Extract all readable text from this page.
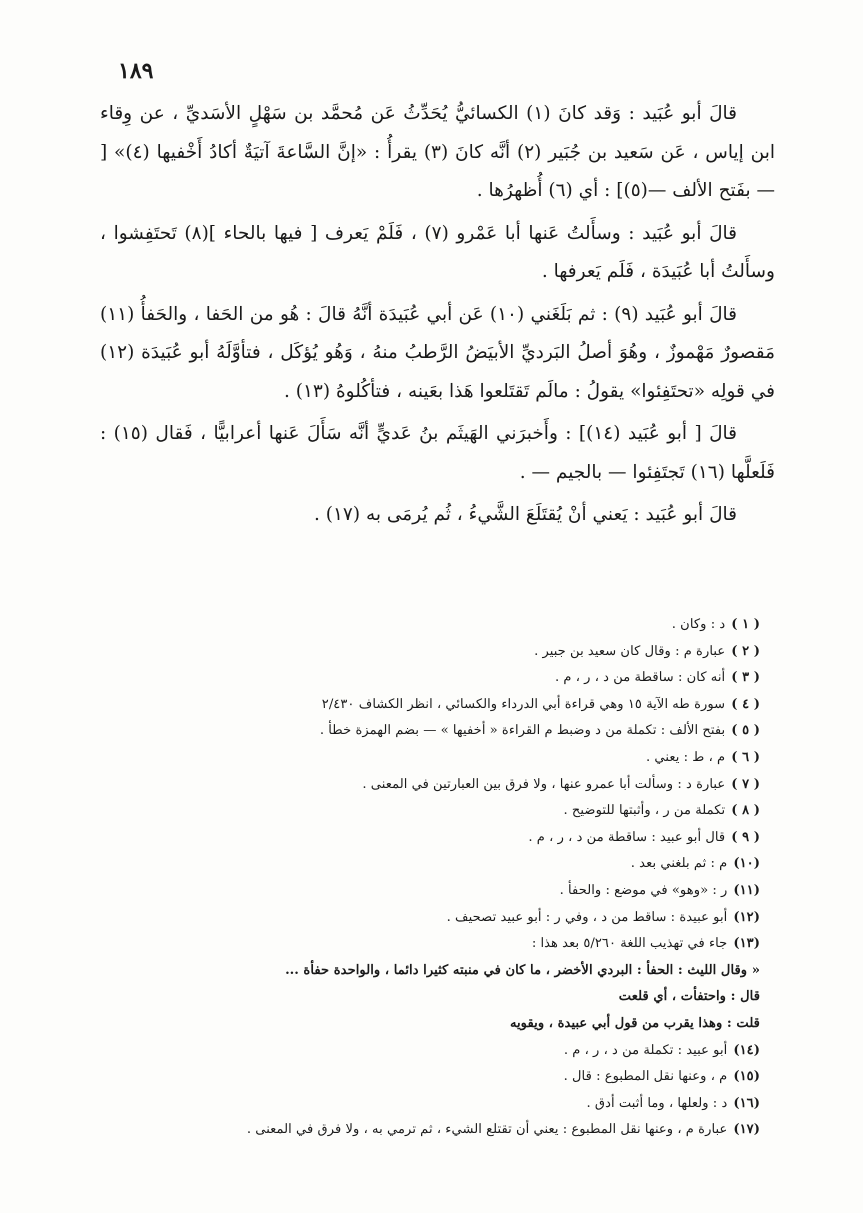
١٨٩

قالَ أبو عُبَيد : وَقد كانَ (١) الكسائيُّ يُحَدِّثُ عَن مُحمَّد بن سَهْلٍ الأسَديِّ ، عن وِقاء ابن إياس ، عَن سَعيد بن جُبَير (٢) أنَّه كانَ (٣) يقرأُ : «إنَّ السَّاعةَ آتيَةٌ أكادُ أَخْفيها (٤)» [ — بفَتح الألف —(٥)] : أي (٦) أُظهرُها .

قالَ أبو عُبَيد : وسأَلتُ عَنها أبا عَمْرو (٧) ، فَلَمْ يَعرف [ فيها بالحاء ](٨) تَحتَفِشوا ، وسأَلتُ أبا عُبَيدَة ، فَلَم يَعرفها .

قالَ أبو عُبَيد (٩) : ثم بَلَغَني (١٠) عَن أبي عُبَيدَة أنَّهُ قالَ : هُو من الحَفا ، والحَفأُ (١١) مَقصورٌ مَهْموزٌ ، وهُوَ أصلُ البَرديِّ الأبيَضُ الرَّطبُ منهُ ، وَهُو يُؤكَل ، فتأوَّلَهُ أبو عُبَيدَة (١٢) في قولِه «تحتَفِئوا» يقولُ : مالَم تَقتَلعوا هَذا بعَينه ، فتأكُلوهُ (١٣) .

قالَ [ أبو عُبَيد (١٤)] : وأَخبرَني الهَيثَم بنُ عَديٍّ أنَّه سَأَلَ عَنها أعرابيًّا ، فَقال (١٥) : فَلَعلَّها (١٦) تَجتَفِئوا — بالجيم — .

قالَ أبو عُبَيد : يَعني أنْ يُقتَلَعَ الشَّيءُ ، ثُم يُرمَى به (١٧) .

( ١ )د : وكان .
( ٢ )عبارة م : وقال كان سعيد بن جبير .
( ٣ )أنه كان : ساقطة من د ، ر ، م .
( ٤ )سورة طه الآية ١٥ وهي قراءة أبي الدرداء والكسائي ، انظر الكشاف ٢/٤٣٠
( ٥ )بفتح الألف : تكملة من د وضبط م القراءة « أخفيها » — بضم الهمزة خطأ .
( ٦ )م ، ط : يعني .
( ٧ )عبارة د : وسألت أبا عمرو عنها ، ولا فرق بين العبارتين في المعنى .
( ٨ )تكملة من ر ، وأثبتها للتوضيح .
( ٩ )قال أبو عبيد : ساقطة من د ، ر ، م .
(١٠)م : ثم بلغني بعد .
(١١)ر : «وهو» في موضع : والحفأ .
(١٢)أبو عبيدة : ساقط من د ، وفي ر : أبو عبيد تصحيف .
(١٣)جاء في تهذيب اللغة ٥/٢٦٠ بعد هذا :
« وقال الليث : الحفأ : البردي الأخضر ، ما كان في منبته كثيرا دائما ، والواحدة حفأة ...
قال : واحتفأت ، أي قلعت
قلت : وهذا يقرب من قول أبي عبيدة ، ويقويه
(١٤)أبو عبيد : تكملة من د ، ر ، م .
(١٥)م ، وعنها نقل المطبوع : قال .
(١٦)د : ولعلها ، وما أثبت أدق .
(١٧)عبارة م ، وعنها نقل المطبوع : يعني أن تقتلع الشيء ، ثم ترمي به ، ولا فرق في المعنى .
